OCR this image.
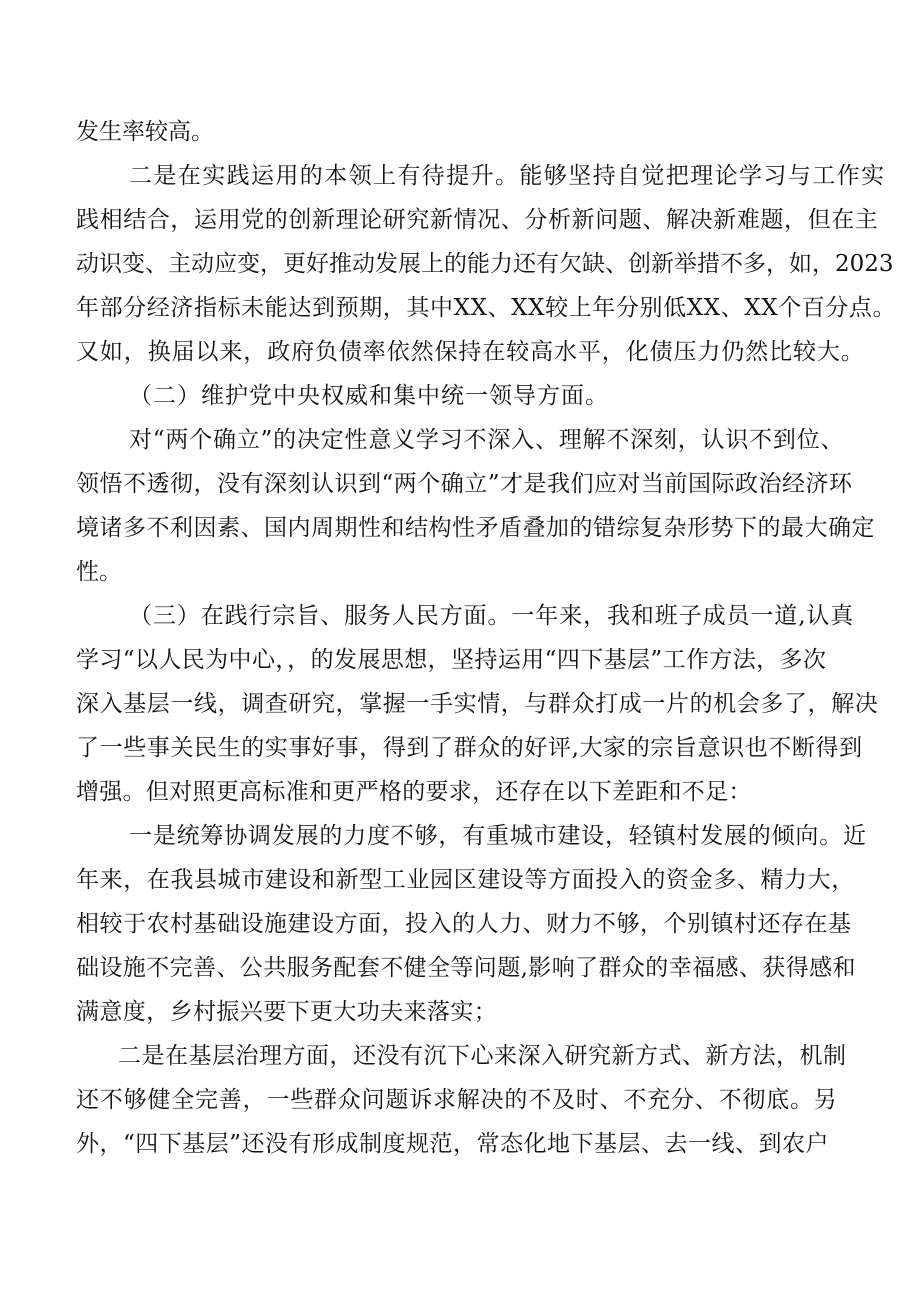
发生率较高。
二是在实践运用的本领上有待提升。能够坚持自觉把理论学习与工作实
践相结合，运用党的创新理论研究新情况、分析新问题、解决新难题，但在主
动识变、主动应变，更好推动发展上的能力还有欠缺、创新举措不多，如，2023
年部分经济指标未能达到预期，其中XX、XX较上年分别低XX、XX个百分点。
又如，换届以来，政府负债率依然保持在较高水平，化债压力仍然比较大。
（二）维护党中央权威和集中统一领导方面。
对“两个确立”的决定性意义学习不深入、理解不深刻，认识不到位、
领悟不透彻，没有深刻认识到“两个确立”才是我们应对当前国际政治经济环
境诸多不利因素、国内周期性和结构性矛盾叠加的错综复杂形势下的最大确定
性。
（三）在践行宗旨、服务人民方面。一年来，我和班子成员一道,认真
学习“以人民为中心，，的发展思想，坚持运用“四下基层”工作方法，多次
深入基层一线，调查研究，掌握一手实情，与群众打成一片的机会多了，解决
了一些事关民生的实事好事，得到了群众的好评,大家的宗旨意识也不断得到
增强。但对照更高标准和更严格的要求，还存在以下差距和不足：
一是统筹协调发展的力度不够，有重城市建设，轻镇村发展的倾向。近
年来，在我县城市建设和新型工业园区建设等方面投入的资金多、精力大，
相较于农村基础设施建设方面，投入的人力、财力不够，个别镇村还存在基
础设施不完善、公共服务配套不健全等问题,影响了群众的幸福感、获得感和
满意度，乡村振兴要下更大功夫来落实；
二是在基层治理方面，还没有沉下心来深入研究新方式、新方法，机制
还不够健全完善，一些群众问题诉求解决的不及时、不充分、不彻底。另
外，“四下基层”还没有形成制度规范，常态化地下基层、去一线、到农户
